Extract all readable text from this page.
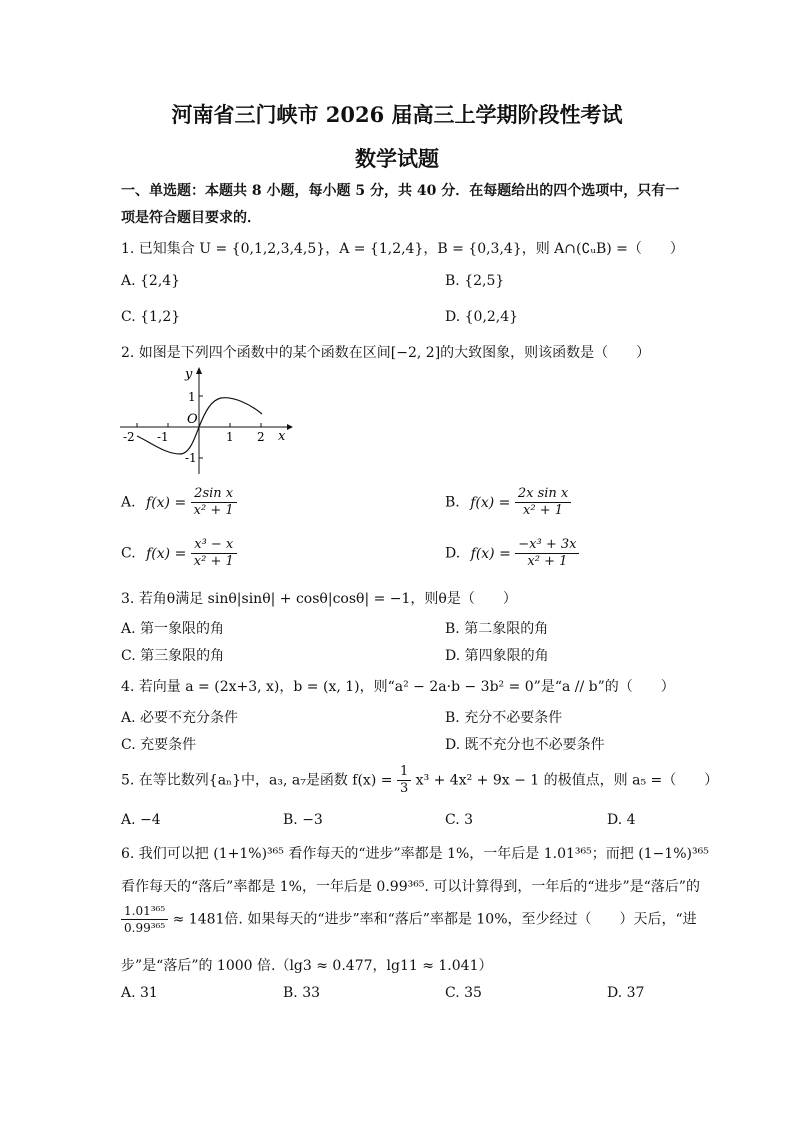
河南省三门峡市 2026 届高三上学期阶段性考试
数学试题
一、单选题：本题共 8 小题，每小题 5 分，共 40 分．在每题给出的四个选项中，只有一
项是符合题目要求的．
1. 已知集合 U = {0,1,2,3,4,5}，A = {1,2,4}，B = {0,3,4}，则 A∩(∁ᵤB) =（　　）
A. {2,4}	B. {2,5}
C. {1,2}	D. {0,2,4}
2. 如图是下列四个函数中的某个函数在区间[−2, 2]的大致图象，则该函数是（　　）
y
x
O
1
-1
-2 -1	1 2
A. $f(x) = \frac{\text{2sin x}}{\text{x² + 1}}$	B. $f(x) = \frac{\text{2x sin x}}{\text{x² + 1}}$
C. $f(x) = \frac{\text{x³ − x}}{\text{x² + 1}}$	D. $f(x) = \frac{\text{−x³ + 3x}}{\text{x² + 1}}$
3. 若角θ满足 sinθ|sinθ| + cosθ|cosθ| = −1，则θ是（　　）
A. 第一象限的角	B. 第二象限的角
C. 第三象限的角	D. 第四象限的角
4. 若向量 a = (2x+3, x)，b = (x, 1)，则“a² − 2a·b − 3b² = 0”是“a // b”的（　　）
A. 必要不充分条件	B. 充分不必要条件
C. 充要条件	D. 既不充分也不必要条件
5. 在等比数列{aₙ}中，a₃, a₇是函数 $f(x) = \frac{1}{3} x^3 + 4x^2 + 9x - 1$ 的极值点，则 a₅ =（　　）
A. −4	B. −3	C. 3	D. 4
6. 我们可以把 (1+1%)³⁶⁵ 看作每天的“进步”率都是 1%，一年后是 1.01³⁶⁵；而把 (1−1%)³⁶⁵
看作每天的“落后”率都是 1%，一年后是 0.99³⁶⁵. 可以计算得到，一年后的“进步”是“落后”的
$\frac{\text{1.01³⁶⁵}}{\text{0.99³⁶⁵}} \approx 1481$倍. 如果每天的“进步”率和“落后”率都是 10%，至少经过（　　）天后，“进
步”是“落后”的 1000 倍.（lg3 ≈ 0.477，lg11 ≈ 1.041）
A. 31	B. 33	C. 35	D. 37
